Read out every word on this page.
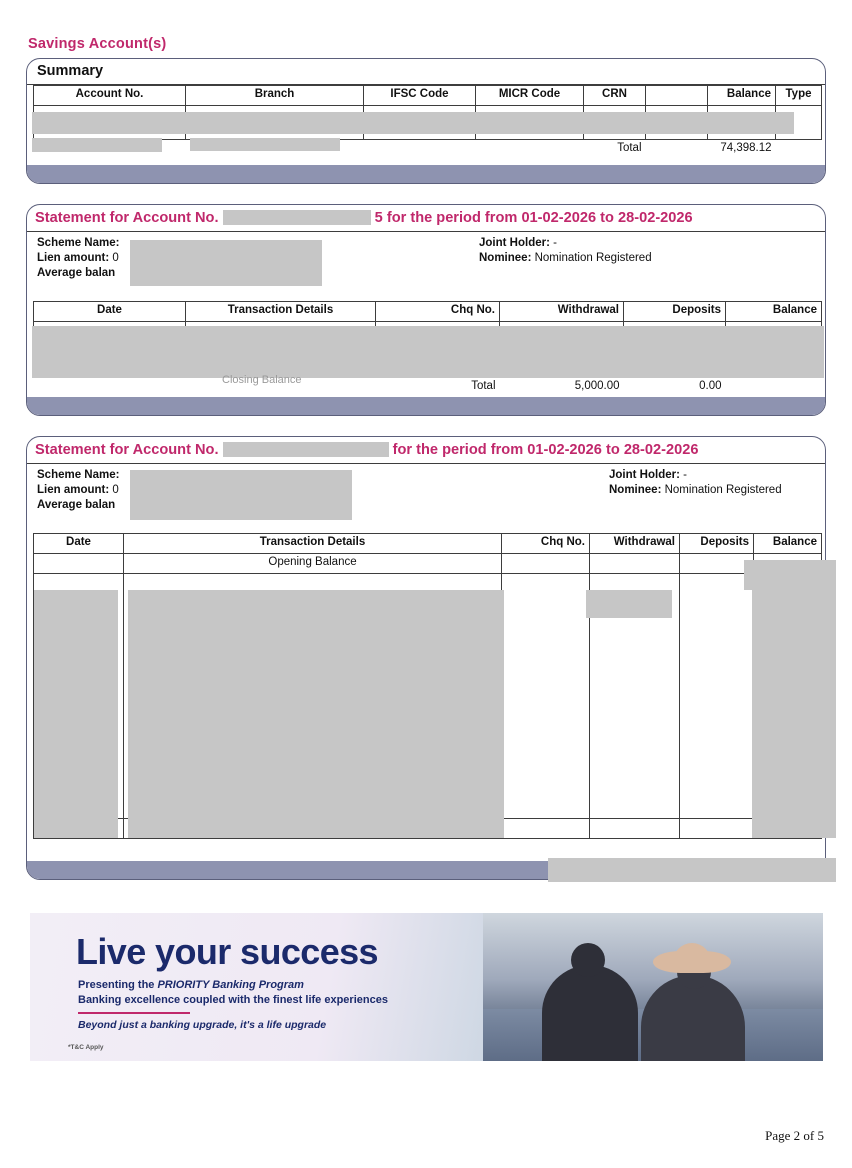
Savings Account(s)
Summary
Account No.	Branch	IFSC Code	MICR Code	CRN		Balance	Type

				Total		74,398.12	
Statement for Account No.	5 for the period from 01-02-2026 to 28-02-2026
Scheme Name:
Lien amount: 0
Average balan
Joint Holder: -
Nominee: Nomination Registered
Date	Transaction Details	Chq No.	Withdrawal	Deposits	Balance

		Total	5,000.00	0.00	
Closing Balance
Statement for Account No.	for the period from 01-02-2026 to 28-02-2026
Scheme Name:
Lien amount: 0
Average balan
Joint Holder: -
Nominee: Nomination Registered
Date	Transaction Details	Chq No.	Withdrawal	Deposits	Balance
	Opening Balance				

Live your success
Presenting the PRIORITY Banking Program
Banking excellence coupled with the finest life experiences
Beyond just a banking upgrade, it's a life upgrade
*T&C Apply
Page 2 of 5
